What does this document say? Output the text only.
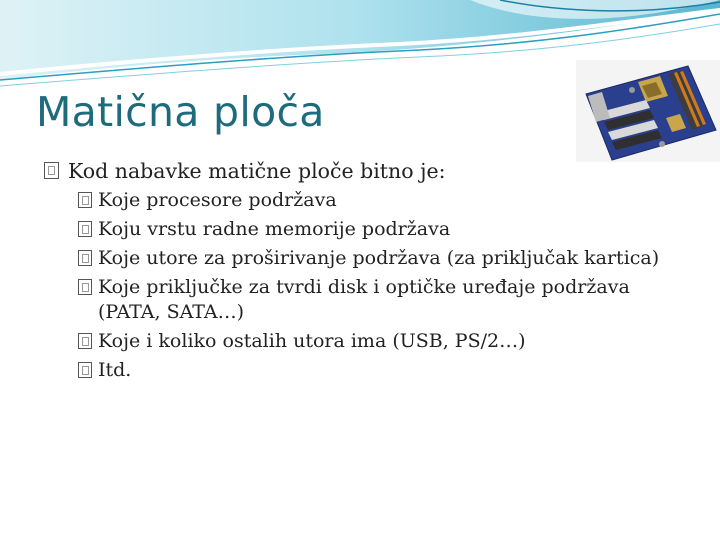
Matična ploča
Kod nabavke matične ploče bitno je:
Koje procesore podržava
Koju vrstu radne memorije podržava
Koje utore za proširivanje podržava (za priključak kartica)
Koje priključke za tvrdi disk i optičke uređaje podržava (PATA, SATA…)
Koje i koliko ostalih utora ima (USB, PS/2…)
Itd.
